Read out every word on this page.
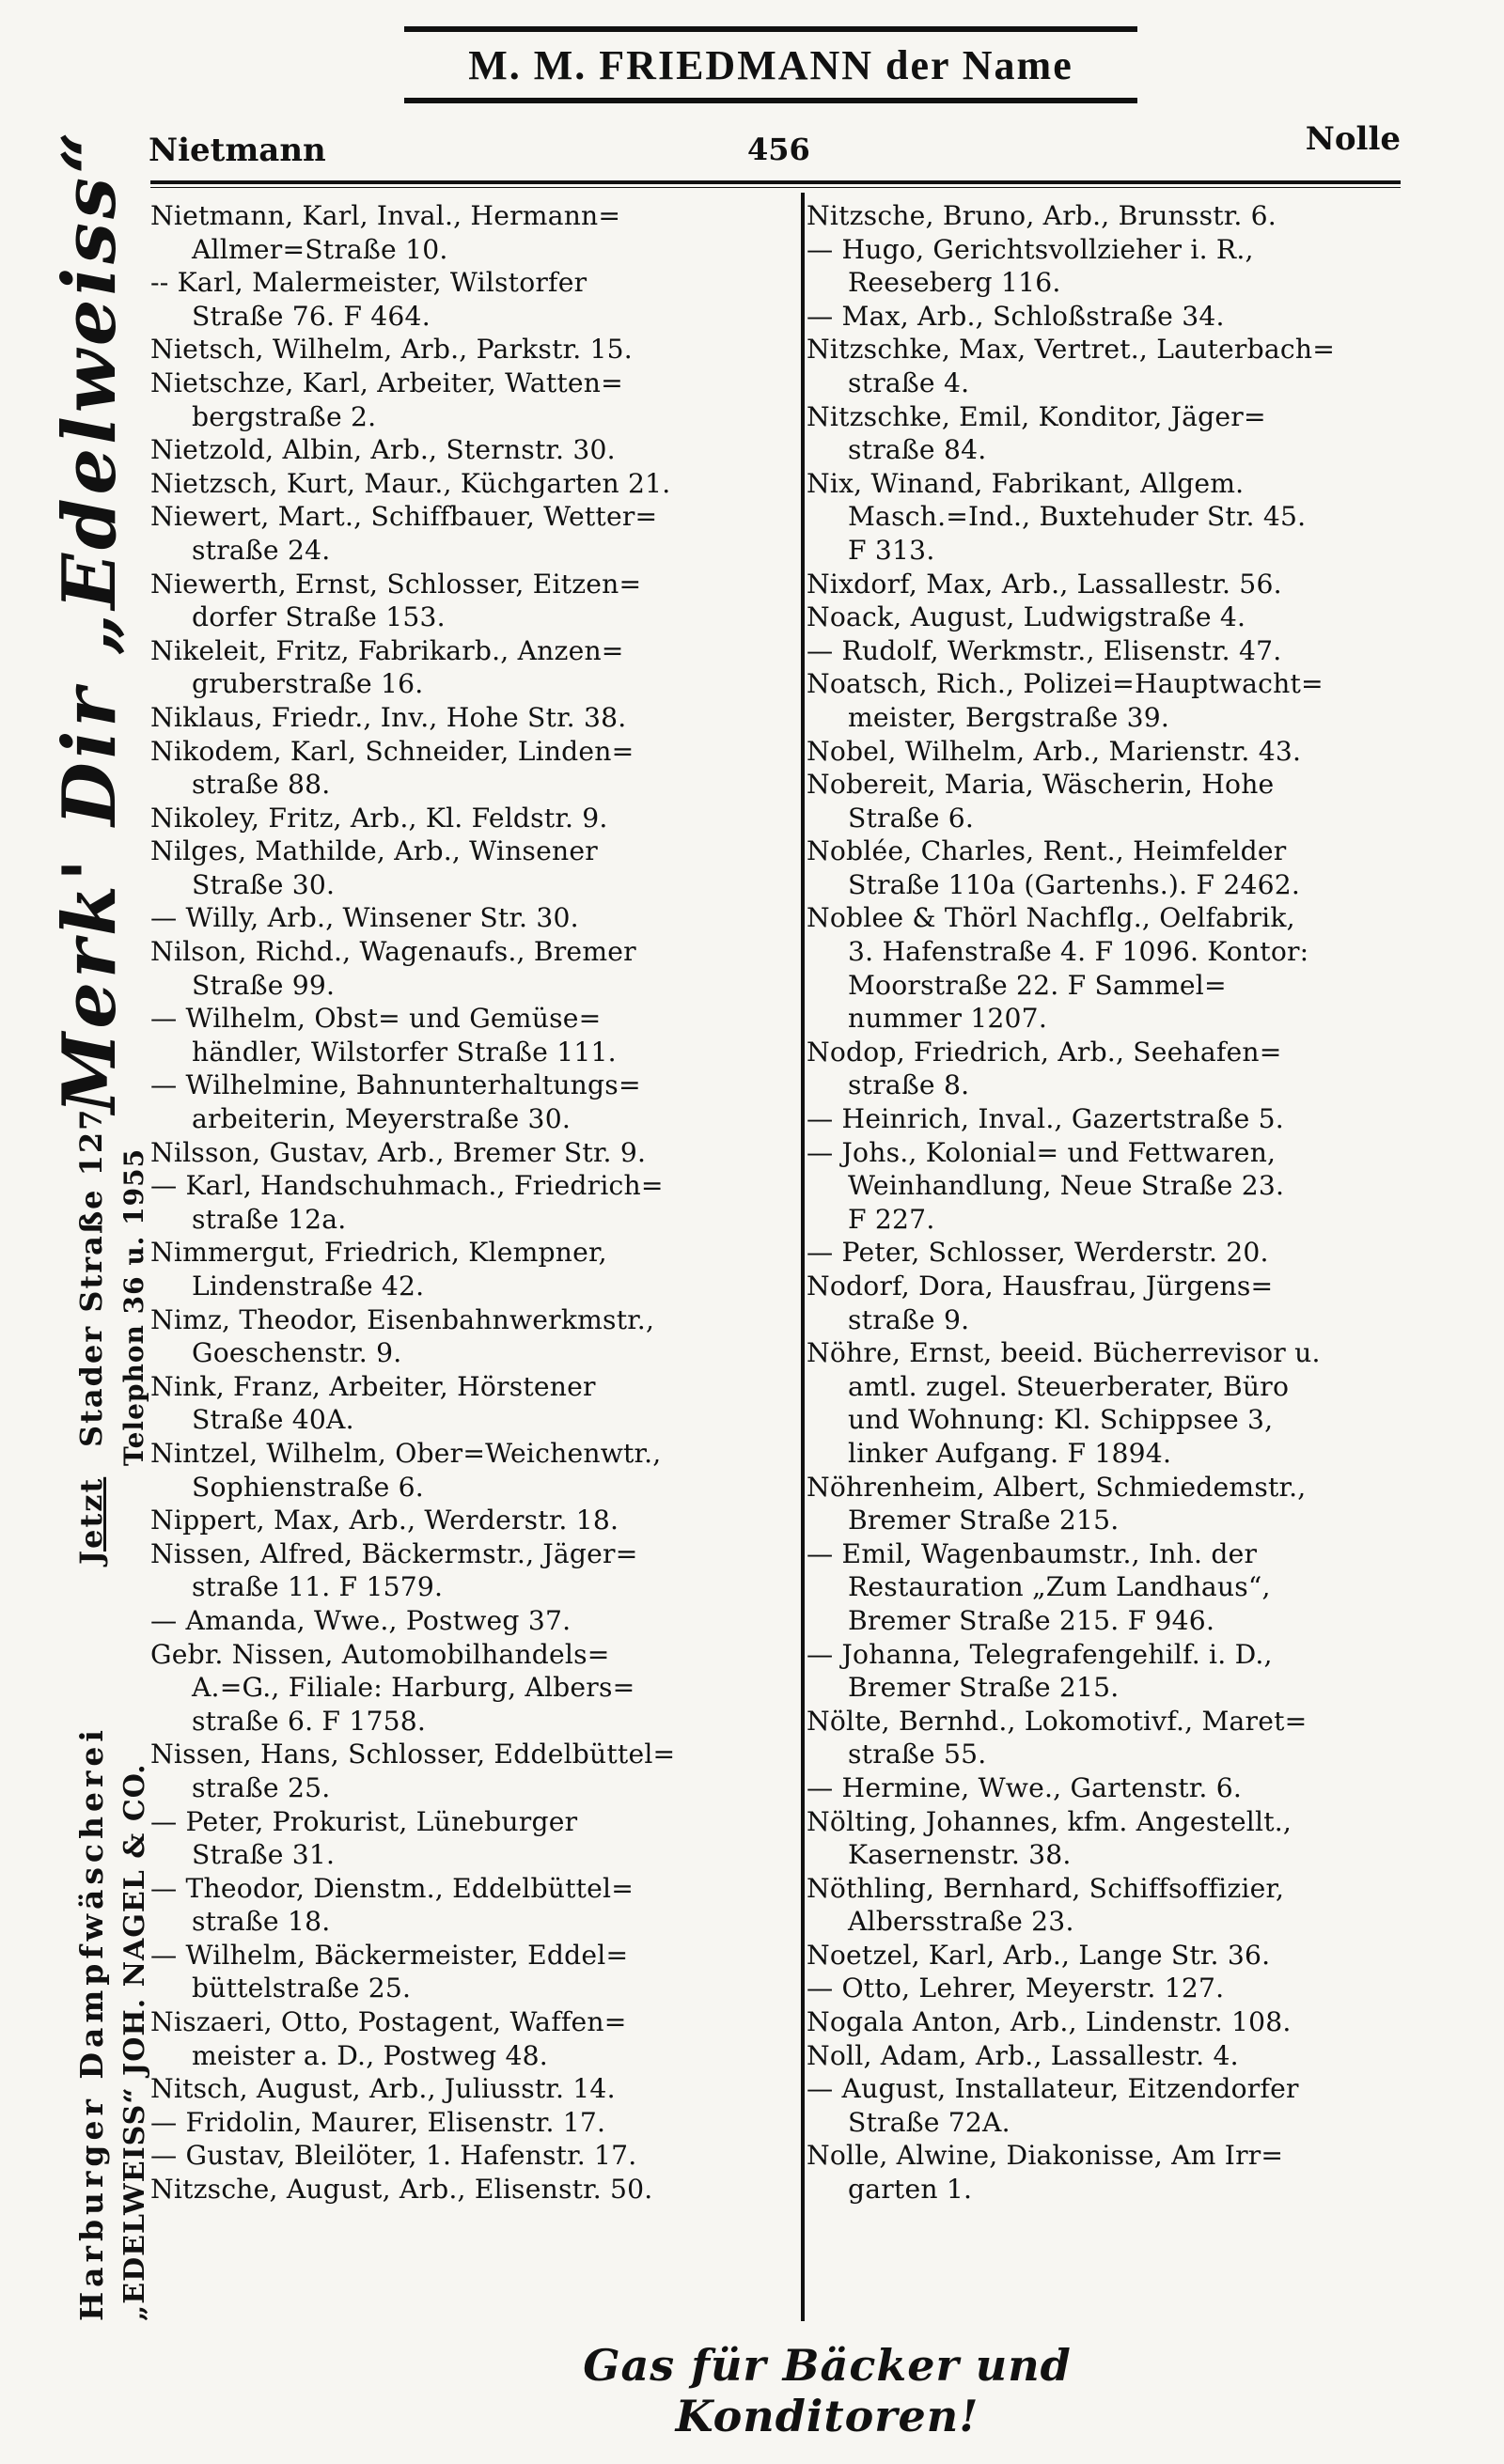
M. M. FRIEDMANN der Name
Nietmann	456	Nolle
Merk' Dir „Edelweiss“
Stader Straße 127 Telephon 36 u. 1955
Harburger Dampfwäscherei
Jetzt
„EDELWEISS“ JOH. NAGEL & CO.
Nietmann, Karl, Inval., Hermann=
Allmer=Straße 10.
-- Karl, Malermeister, Wilstorfer
Straße 76. F 464.
Nietsch, Wilhelm, Arb., Parkstr. 15.
Nietschze, Karl, Arbeiter, Watten=
bergstraße 2.
Nietzold, Albin, Arb., Sternstr. 30.
Nietzsch, Kurt, Maur., Küchgarten 21.
Niewert, Mart., Schiffbauer, Wetter=
straße 24.
Niewerth, Ernst, Schlosser, Eitzen=
dorfer Straße 153.
Nikeleit, Fritz, Fabrikarb., Anzen=
gruberstraße 16.
Niklaus, Friedr., Inv., Hohe Str. 38.
Nikodem, Karl, Schneider, Linden=
straße 88.
Nikoley, Fritz, Arb., Kl. Feldstr. 9.
Nilges, Mathilde, Arb., Winsener
Straße 30.
— Willy, Arb., Winsener Str. 30.
Nilson, Richd., Wagenaufs., Bremer
Straße 99.
— Wilhelm, Obst= und Gemüse=
händler, Wilstorfer Straße 111.
— Wilhelmine, Bahnunterhaltungs=
arbeiterin, Meyerstraße 30.
Nilsson, Gustav, Arb., Bremer Str. 9.
— Karl, Handschuhmach., Friedrich=
straße 12a.
Nimmergut, Friedrich, Klempner,
Lindenstraße 42.
Nimz, Theodor, Eisenbahnwerkmstr.,
Goeschenstr. 9.
Nink, Franz, Arbeiter, Hörstener
Straße 40A.
Nintzel, Wilhelm, Ober=Weichenwtr.,
Sophienstraße 6.
Nippert, Max, Arb., Werderstr. 18.
Nissen, Alfred, Bäckermstr., Jäger=
straße 11. F 1579.
— Amanda, Wwe., Postweg 37.
Gebr. Nissen, Automobilhandels=
A.=G., Filiale: Harburg, Albers=
straße 6. F 1758.
Nissen, Hans, Schlosser, Eddelbüttel=
straße 25.
— Peter, Prokurist, Lüneburger
Straße 31.
— Theodor, Dienstm., Eddelbüttel=
straße 18.
— Wilhelm, Bäckermeister, Eddel=
büttelstraße 25.
Niszaeri, Otto, Postagent, Waffen=
meister a. D., Postweg 48.
Nitsch, August, Arb., Juliusstr. 14.
— Fridolin, Maurer, Elisenstr. 17.
— Gustav, Bleilöter, 1. Hafenstr. 17.
Nitzsche, August, Arb., Elisenstr. 50.
Nitzsche, Bruno, Arb., Brunsstr. 6.
— Hugo, Gerichtsvollzieher i. R.,
Reeseberg 116.
— Max, Arb., Schloßstraße 34.
Nitzschke, Max, Vertret., Lauterbach=
straße 4.
Nitzschke, Emil, Konditor, Jäger=
straße 84.
Nix, Winand, Fabrikant, Allgem.
Masch.=Ind., Buxtehuder Str. 45.
F 313.
Nixdorf, Max, Arb., Lassallestr. 56.
Noack, August, Ludwigstraße 4.
— Rudolf, Werkmstr., Elisenstr. 47.
Noatsch, Rich., Polizei=Hauptwacht=
meister, Bergstraße 39.
Nobel, Wilhelm, Arb., Marienstr. 43.
Nobereit, Maria, Wäscherin, Hohe
Straße 6.
Noblée, Charles, Rent., Heimfelder
Straße 110a (Gartenhs.). F 2462.
Noblee & Thörl Nachflg., Oelfabrik,
3. Hafenstraße 4. F 1096. Kontor:
Moorstraße 22. F Sammel=
nummer 1207.
Nodop, Friedrich, Arb., Seehafen=
straße 8.
— Heinrich, Inval., Gazertstraße 5.
— Johs., Kolonial= und Fettwaren,
Weinhandlung, Neue Straße 23.
F 227.
— Peter, Schlosser, Werderstr. 20.
Nodorf, Dora, Hausfrau, Jürgens=
straße 9.
Nöhre, Ernst, beeid. Bücherrevisor u.
amtl. zugel. Steuerberater, Büro
und Wohnung: Kl. Schippsee 3,
linker Aufgang. F 1894.
Nöhrenheim, Albert, Schmiedemstr.,
Bremer Straße 215.
— Emil, Wagenbaumstr., Inh. der
Restauration „Zum Landhaus“,
Bremer Straße 215. F 946.
— Johanna, Telegrafengehilf. i. D.,
Bremer Straße 215.
Nölte, Bernhd., Lokomotivf., Maret=
straße 55.
— Hermine, Wwe., Gartenstr. 6.
Nölting, Johannes, kfm. Angestellt.,
Kasernenstr. 38.
Nöthling, Bernhard, Schiffsoffizier,
Albersstraße 23.
Noetzel, Karl, Arb., Lange Str. 36.
— Otto, Lehrer, Meyerstr. 127.
Nogala Anton, Arb., Lindenstr. 108.
Noll, Adam, Arb., Lassallestr. 4.
— August, Installateur, Eitzendorfer
Straße 72A.
Nolle, Alwine, Diakonisse, Am Irr=
garten 1.
Gas für Bäcker und Konditoren!
